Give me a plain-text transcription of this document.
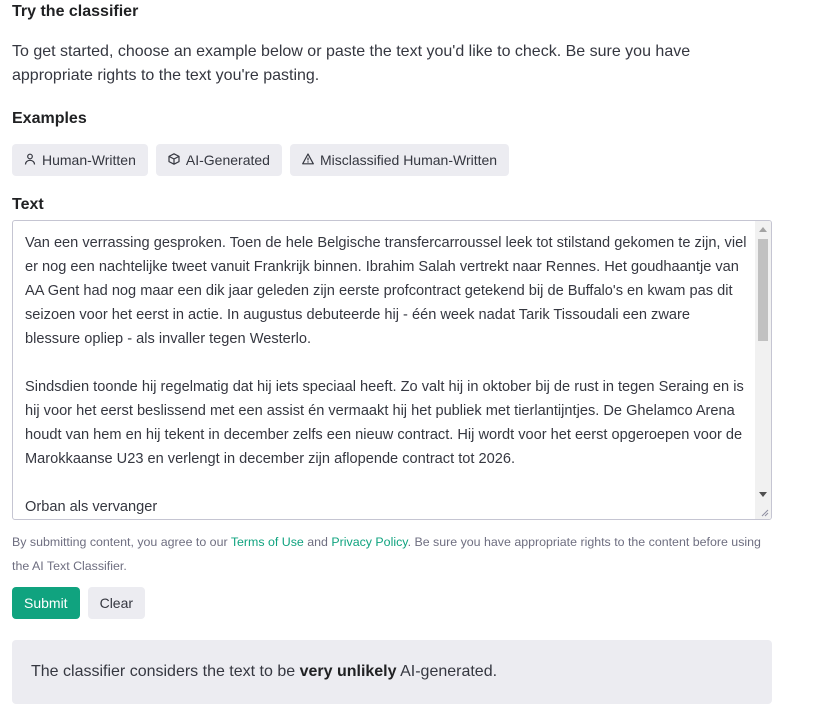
Try the classifier
To get started, choose an example below or paste the text you'd like to check. Be sure you have appropriate rights to the text you're pasting.
Examples
Human-Written	AI-Generated	Misclassified Human-Written
Text
Van een verrassing gesproken. Toen de hele Belgische transfercarroussel leek tot stilstand gekomen te zijn, viel er nog een nachtelijke tweet vanuit Frankrijk binnen. Ibrahim Salah vertrekt naar Rennes. Het goudhaantje van AA Gent had nog maar een dik jaar geleden zijn eerste profcontract getekend bij de Buffalo's en kwam pas dit seizoen voor het eerst in actie. In augustus debuteerde hij - één week nadat Tarik Tissoudali een zware blessure opliep - als invaller tegen Westerlo.

Sindsdien toonde hij regelmatig dat hij iets speciaal heeft. Zo valt hij in oktober bij de rust in tegen Seraing en is hij voor het eerst beslissend met een assist én vermaakt hij het publiek met tierlantijntjes. De Ghelamco Arena houdt van hem en hij tekent in december zelfs een nieuw contract. Hij wordt voor het eerst opgeroepen voor de Marokkaanse U23 en verlengt in december zijn aflopende contract tot 2026.

Orban als vervanger
By submitting content, you agree to our Terms of Use and Privacy Policy. Be sure you have appropriate rights to the content before using the AI Text Classifier.
Submit	Clear
The classifier considers the text to be very unlikely AI-generated.
